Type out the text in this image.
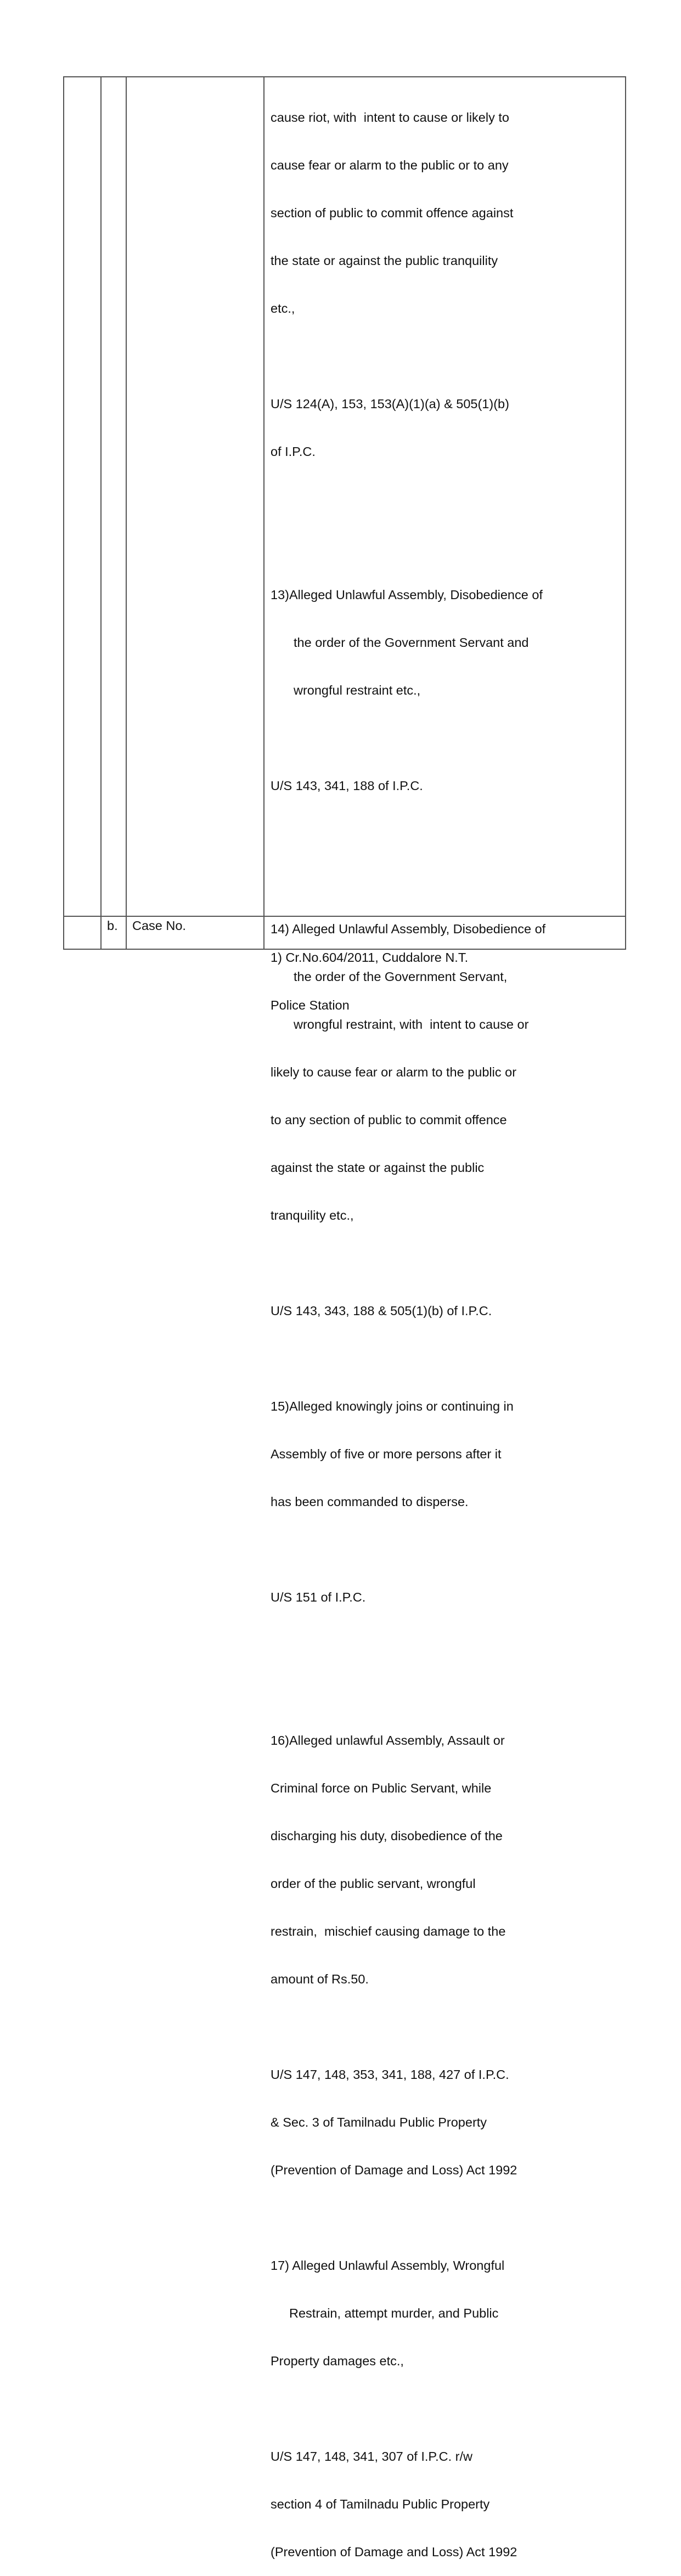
cause riot, with  intent to cause or likely to

cause fear or alarm to the public or to any

section of public to commit offence against

the state or against the public tranquility

etc.,

U/S 124(A), 153, 153(A)(1)(a) & 505(1)(b)

of I.P.C.

13)Alleged Unlawful Assembly, Disobedience of

the order of the Government Servant and

wrongful restraint etc.,

U/S 143, 341, 188 of I.P.C.

14) Alleged Unlawful Assembly, Disobedience of

the order of the Government Servant,

wrongful restraint, with  intent to cause or

likely to cause fear or alarm to the public or

to any section of public to commit offence

against the state or against the public

tranquility etc.,

U/S 143, 343, 188 & 505(1)(b) of I.P.C.

15)Alleged knowingly joins or continuing in

Assembly of five or more persons after it

has been commanded to disperse.

U/S 151 of I.P.C.

16)Alleged unlawful Assembly, Assault or

Criminal force on Public Servant, while

discharging his duty, disobedience of the

order of the public servant, wrongful

restrain,  mischief causing damage to the

amount of Rs.50.

U/S 147, 148, 353, 341, 188, 427 of I.P.C.

& Sec. 3 of Tamilnadu Public Property

(Prevention of Damage and Loss) Act 1992

17) Alleged Unlawful Assembly, Wrongful

Restrain, attempt murder, and Public

Property damages etc.,

U/S 147, 148, 341, 307 of I.P.C. r/w

section 4 of Tamilnadu Public Property

(Prevention of Damage and Loss) Act 1992

b. Case No.

1) Cr.No.604/2011, Cuddalore N.T.

Police Station
